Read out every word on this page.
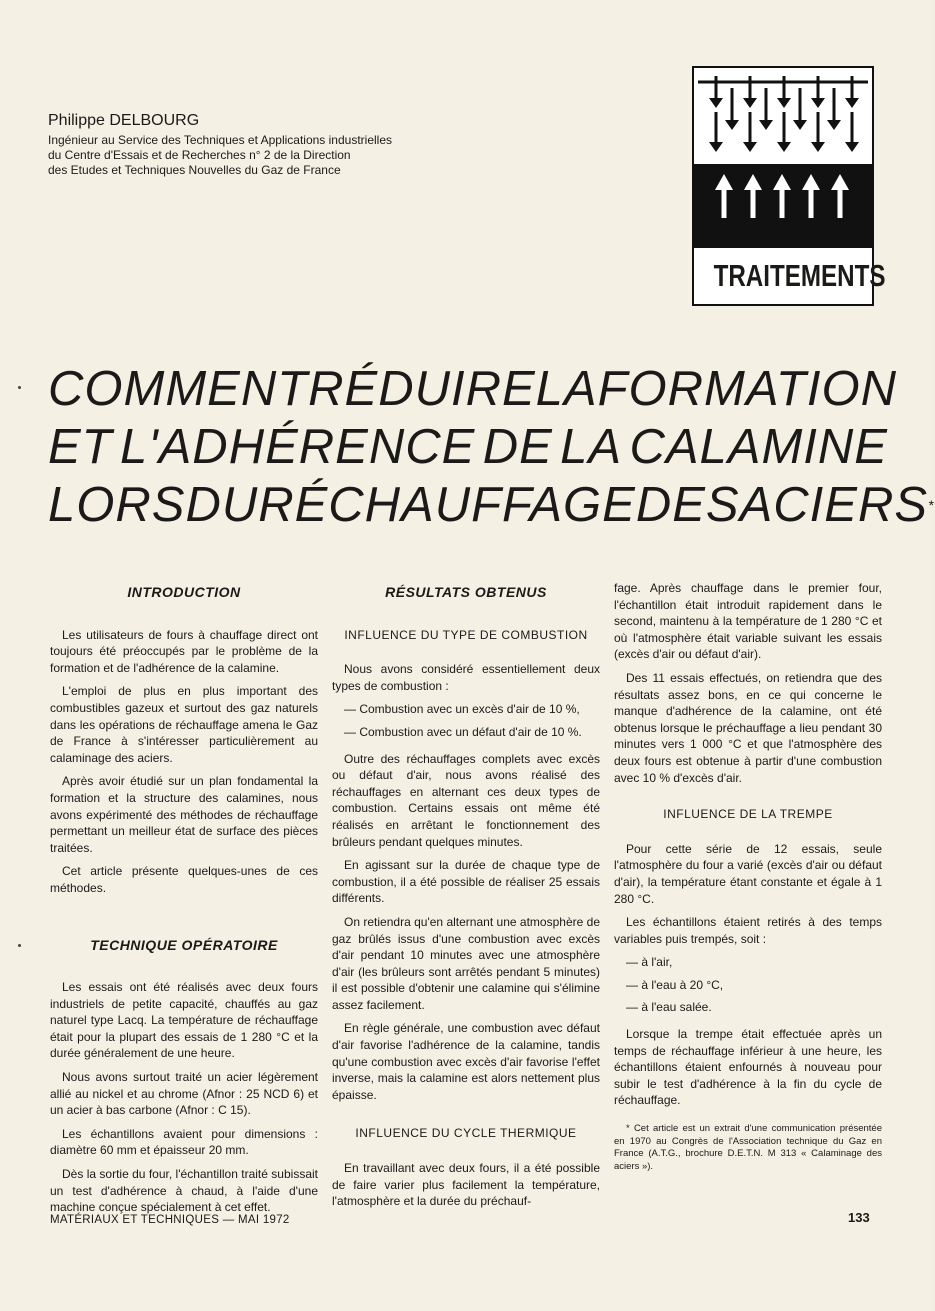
Philippe DELBOURG
Ingénieur au Service des Techniques et Applications industrielles
du Centre d'Essais et de Recherches n° 2 de la Direction
des Etudes et Techniques Nouvelles du Gaz de France
TRAITEMENTS
COMMENT RÉDUIRE LA FORMATION
ET L'ADHÉRENCE DE LA CALAMINE
LORS DU RÉCHAUFFAGE DES ACIERS*
INTRODUCTION

Les utilisateurs de fours à chauffage direct ont toujours été préoccupés par le problème de la formation et de l'adhérence de la calamine.

L'emploi de plus en plus important des combustibles gazeux et surtout des gaz naturels dans les opérations de réchauffage amena le Gaz de France à s'intéresser particulièrement au calaminage des aciers.

Après avoir étudié sur un plan fondamental la formation et la structure des calamines, nous avons expérimenté des méthodes de réchauffage permettant un meilleur état de surface des pièces traitées.

Cet article présente quelques-unes de ces méthodes.

TECHNIQUE OPÉRATOIRE

Les essais ont été réalisés avec deux fours industriels de petite capacité, chauffés au gaz naturel type Lacq. La température de réchauffage était pour la plupart des essais de 1 280 °C et la durée généralement de une heure.

Nous avons surtout traité un acier légèrement allié au nickel et au chrome (Afnor : 25 NCD 6) et un acier à bas carbone (Afnor : C 15).

Les échantillons avaient pour dimensions : diamètre 60 mm et épaisseur 20 mm.

Dès la sortie du four, l'échantillon traité subissait un test d'adhérence à chaud, à l'aide d'une machine conçue spécialement à cet effet.

RÉSULTATS OBTENUS
INFLUENCE DU TYPE DE COMBUSTION

Nous avons considéré essentiellement deux types de combustion :

— Combustion avec un excès d'air de 10 %,
— Combustion avec un défaut d'air de 10 %.

Outre des réchauffages complets avec excès ou défaut d'air, nous avons réalisé des réchauffages en alternant ces deux types de combustion. Certains essais ont même été réalisés en arrêtant le fonctionnement des brûleurs pendant quelques minutes.

En agissant sur la durée de chaque type de combustion, il a été possible de réaliser 25 essais différents.

On retiendra qu'en alternant une atmosphère de gaz brûlés issus d'une combustion avec excès d'air pendant 10 minutes avec une atmosphère d'air (les brûleurs sont arrêtés pendant 5 minutes) il est possible d'obtenir une calamine qui s'élimine assez facilement.

En règle générale, une combustion avec défaut d'air favorise l'adhérence de la calamine, tandis qu'une combustion avec excès d'air favorise l'effet inverse, mais la calamine est alors nettement plus épaisse.

INFLUENCE DU CYCLE THERMIQUE

En travaillant avec deux fours, il a été possible de faire varier plus facilement la température, l'atmosphère et la durée du préchauf-

fage. Après chauffage dans le premier four, l'échantillon était introduit rapidement dans le second, maintenu à la température de 1 280 °C et où l'atmosphère était variable suivant les essais (excès d'air ou défaut d'air).

Des 11 essais effectués, on retiendra que des résultats assez bons, en ce qui concerne le manque d'adhérence de la calamine, ont été obtenus lorsque le préchauffage a lieu pendant 30 minutes vers 1 000 °C et que l'atmosphère des deux fours est obtenue à partir d'une combustion avec 10 % d'excès d'air.

INFLUENCE DE LA TREMPE

Pour cette série de 12 essais, seule l'atmosphère du four a varié (excès d'air ou défaut d'air), la température étant constante et égale à 1 280 °C.

Les échantillons étaient retirés à des temps variables puis trempés, soit :

— à l'air,
— à l'eau à 20 °C,
— à l'eau salée.

Lorsque la trempe était effectuée après un temps de réchauffage inférieur à une heure, les échantillons étaient enfournés à nouveau pour subir le test d'adhérence à la fin du cycle de réchauffage.

* Cet article est un extrait d'une communication présentée en 1970 au Congrès de l'Association technique du Gaz en France (A.T.G., brochure D.E.T.N. M 313 « Calaminage des aciers »).

MATÉRIAUX ET TECHNIQUES — MAI 1972	133
